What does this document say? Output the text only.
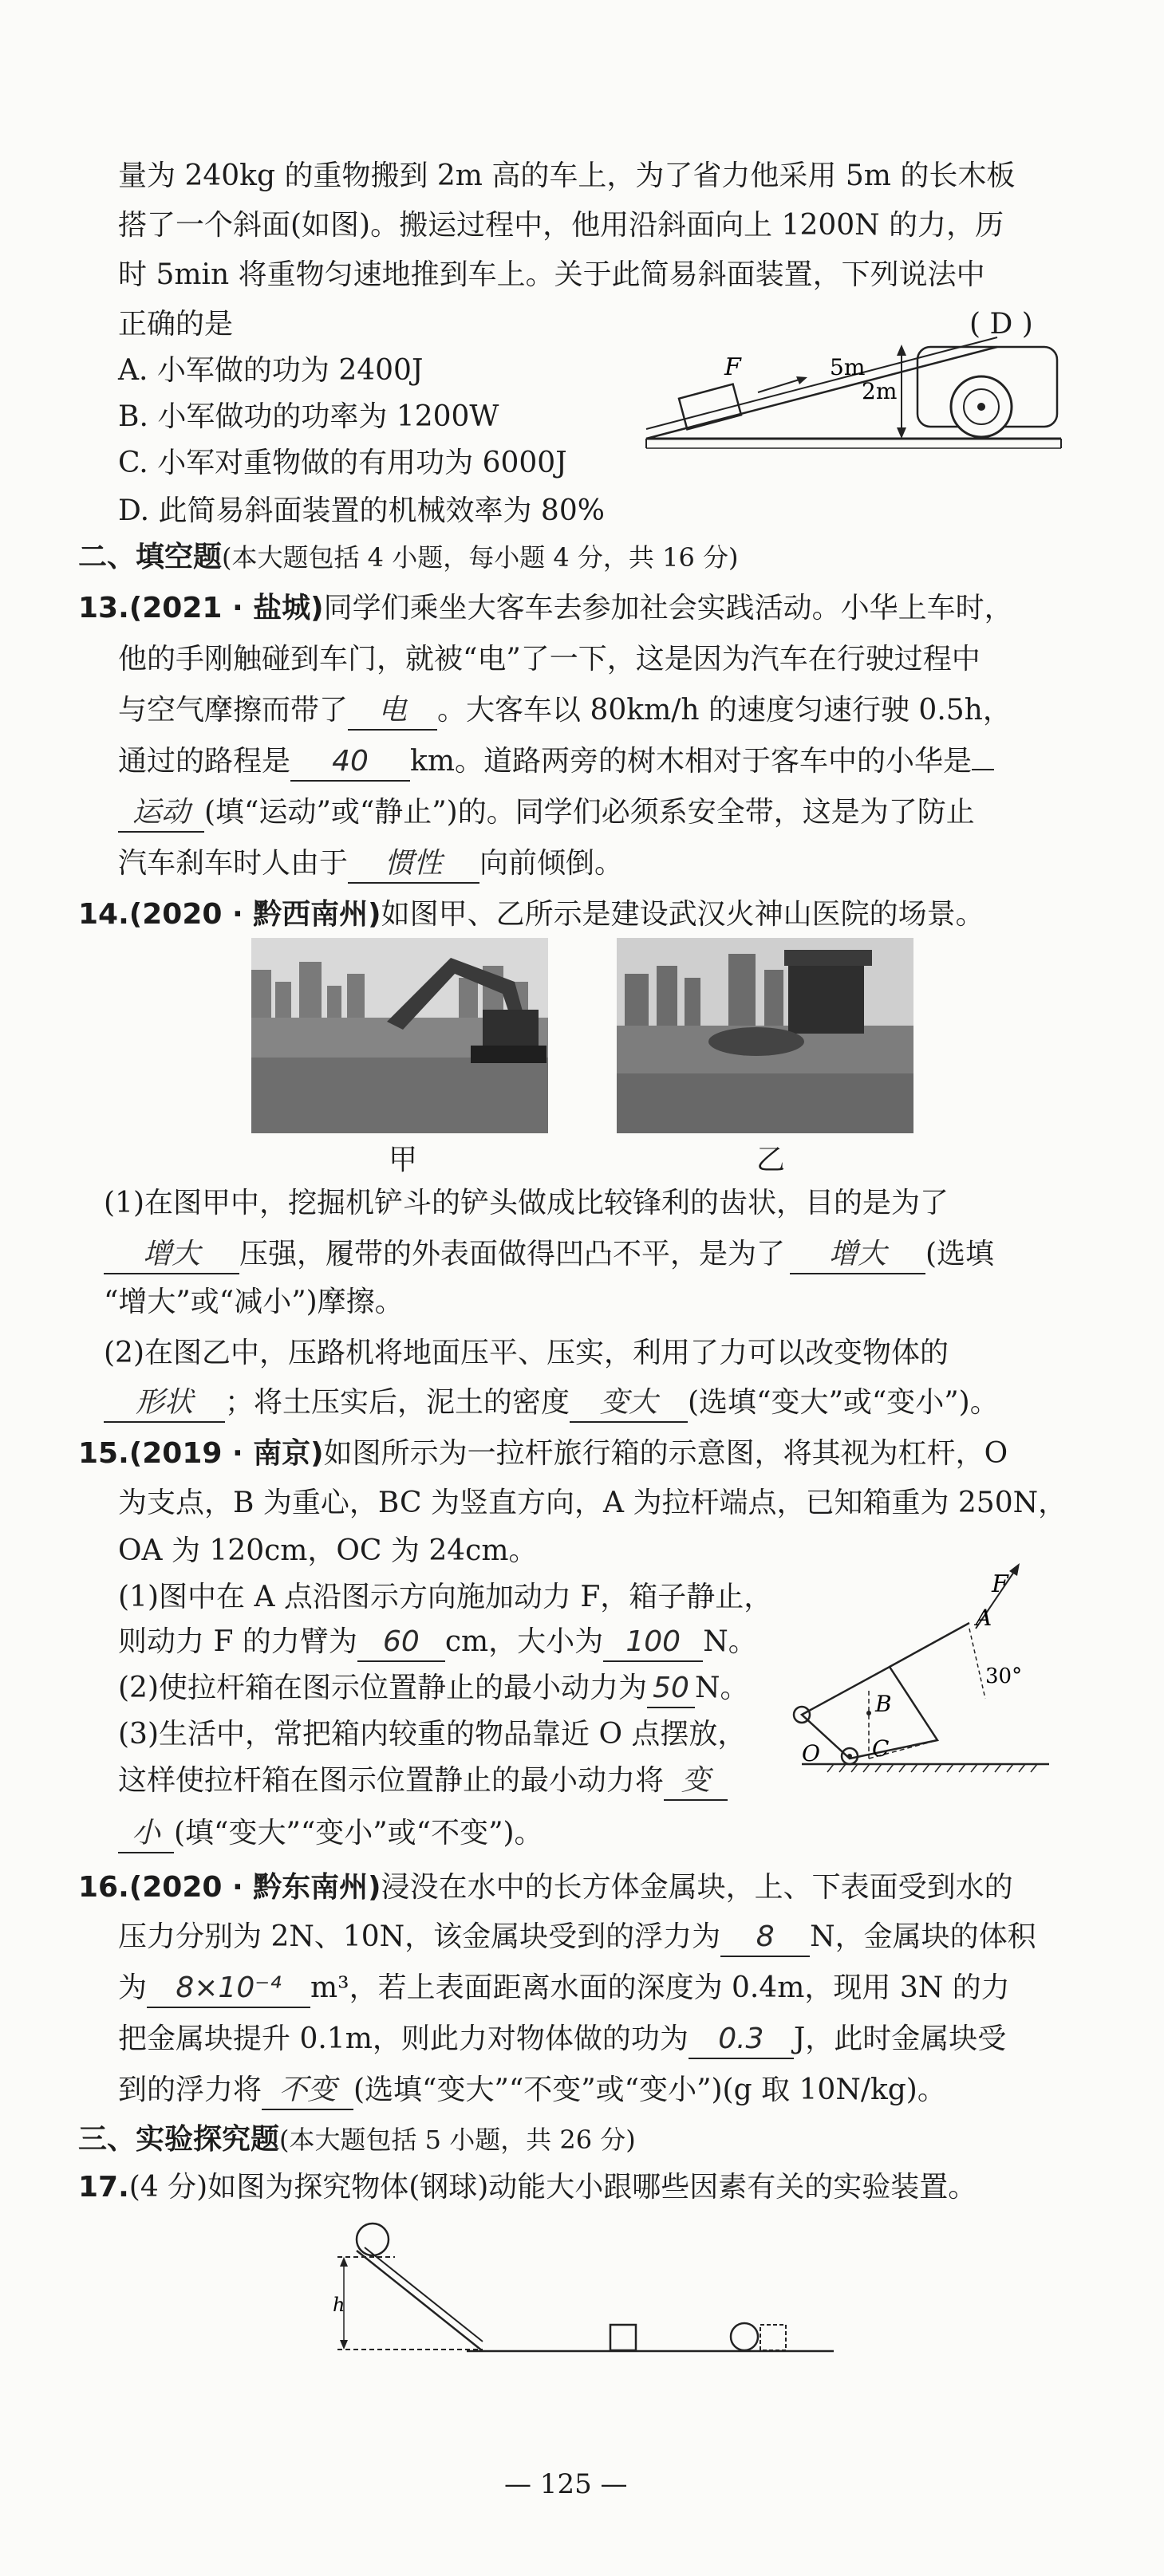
量为 240kg 的重物搬到 2m 高的车上，为了省力他采用 5m 的长木板
搭了一个斜面(如图)。搬运过程中，他用沿斜面向上 1200N 的力，历
时 5min 将重物匀速地推到车上。关于此简易斜面装置，下列说法中
正确的是	( D )
A. 小军做的功为 2400J
B. 小军做功的功率为 1200W
C. 小军对重物做的有用功为 6000J
D. 此简易斜面装置的机械效率为 80%
F	5m
2m
二、填空题(本大题包括 4 小题，每小题 4 分，共 16 分)
13.(2021 · 盐城)同学们乘坐大客车去参加社会实践活动。小华上车时，
他的手刚触碰到车门，就被“电”了一下，这是因为汽车在行驶过程中
与空气摩擦而带了 电 。大客车以 80km/h 的速度匀速行驶 0.5h，
通过的路程是 40 km。道路两旁的树木相对于客车中的小华是
运动 (填“运动”或“静止”)的。同学们必须系安全带，这是为了防止
汽车刹车时人由于 惯性 向前倾倒。
14.(2020 · 黔西南州)如图甲、乙所示是建设武汉火神山医院的场景。
甲	乙
(1)在图甲中，挖掘机铲斗的铲头做成比较锋利的齿状，目的是为了
增大 压强，履带的外表面做得凹凸不平，是为了 增大 (选填
“增大”或“减小”)摩擦。
(2)在图乙中，压路机将地面压平、压实，利用了力可以改变物体的
形状 ；将土压实后，泥土的密度 变大 (选填“变大”或“变小”)。
15.(2019 · 南京)如图所示为一拉杆旅行箱的示意图，将其视为杠杆，O
为支点，B 为重心，BC 为竖直方向，A 为拉杆端点，已知箱重为 250N，
OA 为 120cm，OC 为 24cm。
(1)图中在 A 点沿图示方向施加动力 F，箱子静止，
则动力 F 的力臂为 60 cm，大小为 100 N。
(2)使拉杆箱在图示位置静止的最小动力为 50 N。
(3)生活中，常把箱内较重的物品靠近 O 点摆放，
这样使拉杆箱在图示位置静止的最小动力将 变
小 (填“变大”“变小”或“不变”)。
F
A
B
C
O
30°
16.(2020 · 黔东南州)浸没在水中的长方体金属块，上、下表面受到水的
压力分别为 2N、10N，该金属块受到的浮力为 8 N，金属块的体积
为 8×10⁻⁴ m³，若上表面距离水面的深度为 0.4m，现用 3N 的力
把金属块提升 0.1m，则此力对物体做的功为 0.3 J，此时金属块受
到的浮力将 不变 (选填“变大”“不变”或“变小”)(g 取 10N/kg)。
三、实验探究题(本大题包括 5 小题，共 26 分)
17.(4 分)如图为探究物体(钢球)动能大小跟哪些因素有关的实验装置。
h
— 125 —
